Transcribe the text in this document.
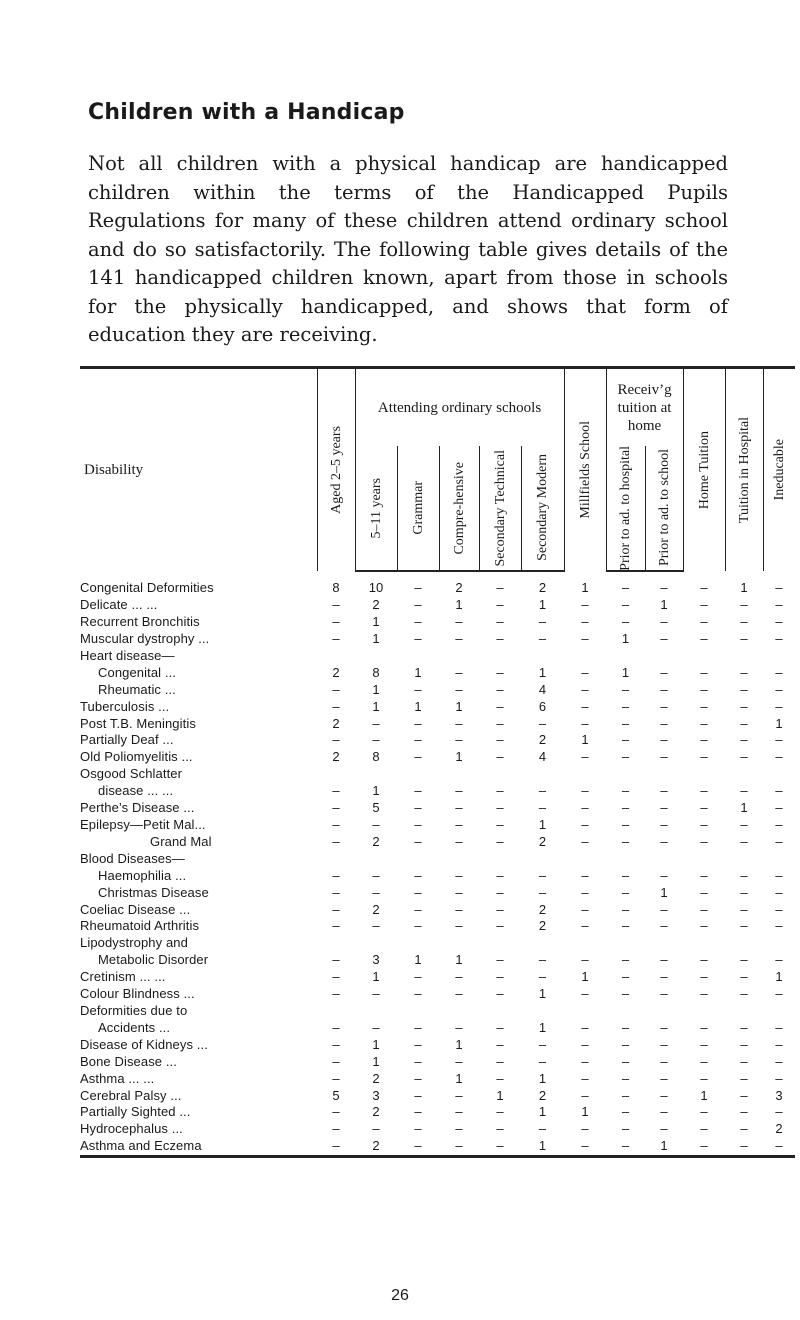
Children with a Handicap

Not all children with a physical handicap are handicapped children within the terms of the Handicapped Pupils Regulations for many of these children attend ordinary school and do so satisfactorily. The following table gives details of the 141 handicapped children known, apart from those in schools for the physically handicapped, and shows that form of education they are receiving.

Disability	Aged 2–5 years	Attending ordinary schools					Millfields School	Receiv’g tuition at home		Home Tuition	Tuition in Hospital	Ineducable

		5–11 years	Grammar	Compre-hensive	Secondary Technical	Secondary Modern		Prior to ad. to hospital	Prior to ad. to school			

Congenital Deformities	8	10	–	2	–	2	1	–	–	–	1	–
Delicate ... ...	–	2	–	1	–	1	–	–	1	–	–	–
Recurrent Bronchitis	–	1	–	–	–	–	–	–	–	–	–	–
Muscular dystrophy ...	–	1	–	–	–	–	–	1	–	–	–	–
Heart disease—												
Congenital ...	2	8	1	–	–	1	–	1	–	–	–	–
Rheumatic ...	–	1	–	–	–	4	–	–	–	–	–	–
Tuberculosis ...	–	1	1	1	–	6	–	–	–	–	–	–
Post T.B. Meningitis	2	–	–	–	–	–	–	–	–	–	–	1
Partially Deaf ...	–	–	–	–	–	2	1	–	–	–	–	–
Old Poliomyelitis ...	2	8	–	1	–	4	–	–	–	–	–	–
Osgood Schlatter												
disease ... ...	–	1	–	–	–	–	–	–	–	–	–	–
Perthe’s Disease ...	–	5	–	–	–	–	–	–	–	–	1	–
Epilepsy—Petit Mal...	–	–	–	–	–	1	–	–	–	–	–	–
Grand Mal	–	2	–	–	–	2	–	–	–	–	–	–
Blood Diseases—												
Haemophilia ...	–	–	–	–	–	–	–	–	–	–	–	–
Christmas Disease	–	–	–	–	–	–	–	–	1	–	–	–
Coeliac Disease ...	–	2	–	–	–	2	–	–	–	–	–	–
Rheumatoid Arthritis	–	–	–	–	–	2	–	–	–	–	–	–
Lipodystrophy and												
Metabolic Disorder	–	3	1	1	–	–	–	–	–	–	–	–
Cretinism ... ...	–	1	–	–	–	–	1	–	–	–	–	1
Colour Blindness ...	–	–	–	–	–	1	–	–	–	–	–	–
Deformities due to												
Accidents ...	–	–	–	–	–	1	–	–	–	–	–	–
Disease of Kidneys ...	–	1	–	1	–	–	–	–	–	–	–	–
Bone Disease ...	–	1	–	–	–	–	–	–	–	–	–	–
Asthma ... ...	–	2	–	1	–	1	–	–	–	–	–	–
Cerebral Palsy ...	5	3	–	–	1	2	–	–	–	1	–	3
Partially Sighted ...	–	2	–	–	–	1	1	–	–	–	–	–
Hydrocephalus ...	–	–	–	–	–	–	–	–	–	–	–	2
Asthma and Eczema	–	2	–	–	–	1	–	–	1	–	–	–
26
